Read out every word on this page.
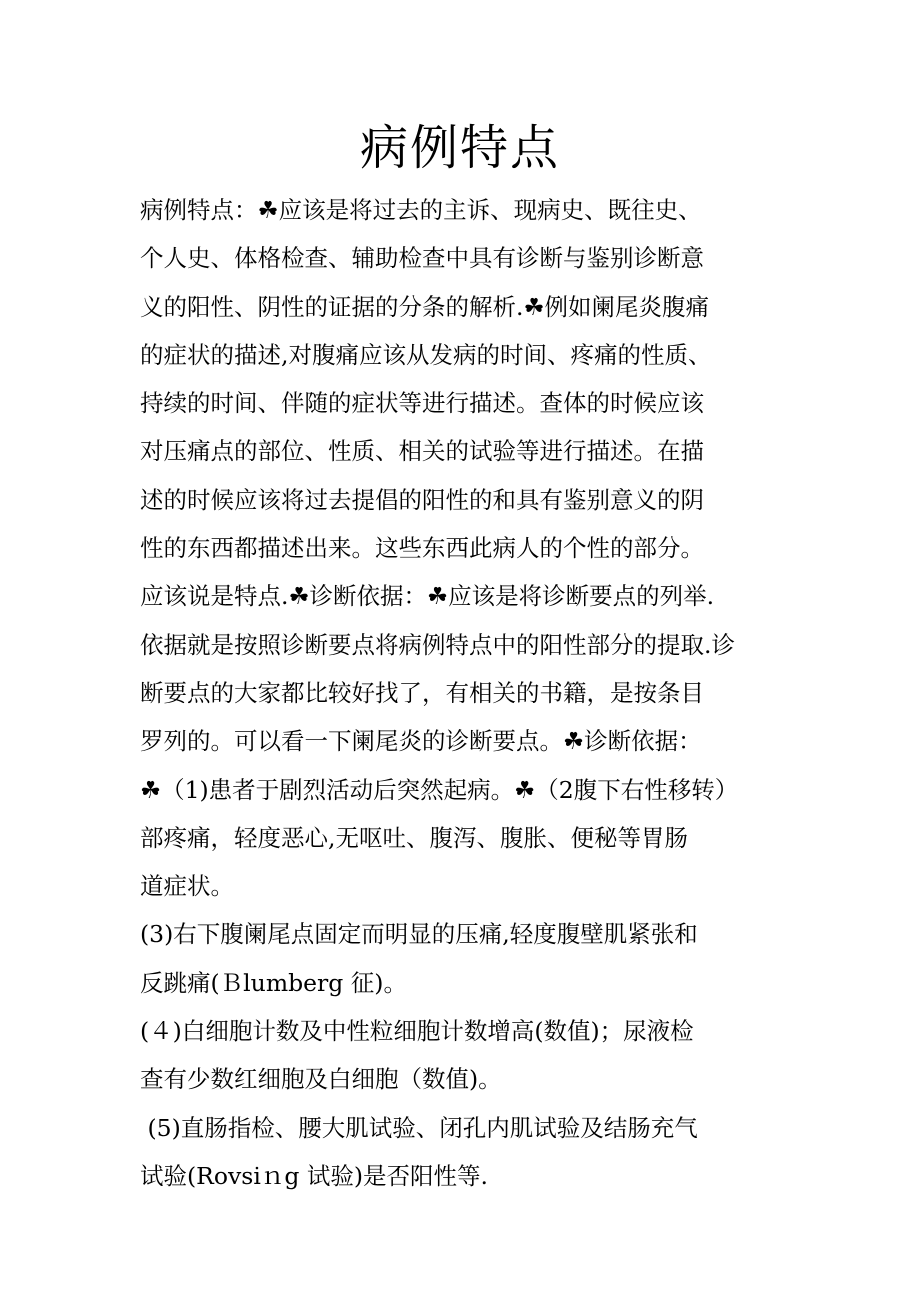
病例特点
病例特点：☘应该是将过去的主诉、现病史、既往史、
个人史、体格检查、辅助检查中具有诊断与鉴别诊断意
义的阳性、阴性的证据的分条的解析.☘例如阑尾炎腹痛
的症状的描述,对腹痛应该从发病的时间、疼痛的性质、
持续的时间、伴随的症状等进行描述。查体的时候应该
对压痛点的部位、性质、相关的试验等进行描述。在描
述的时候应该将过去提倡的阳性的和具有鉴别意义的阴
性的东西都描述出来。这些东西此病人的个性的部分。
应该说是特点.☘诊断依据：☘应该是将诊断要点的列举.
依据就是按照诊断要点将病例特点中的阳性部分的提取.诊
断要点的大家都比较好找了，有相关的书籍，是按条目
罗列的。可以看一下阑尾炎的诊断要点。☘诊断依据：
☘（1)患者于剧烈活动后突然起病。☘（2腹下右性移转）
部疼痛，轻度恶心,无呕吐、腹泻、腹胀、便秘等胃肠
道症状。
(3)右下腹阑尾点固定而明显的压痛,轻度腹壁肌紧张和
反跳痛(Ｂlumberg 征)。
(４)白细胞计数及中性粒细胞计数增高(数值)；尿液检
查有少数红细胞及白细胞（数值)。
(5)直肠指检、腰大肌试验、闭孔内肌试验及结肠充气
试验(Rovsiｎg 试验)是否阳性等.
